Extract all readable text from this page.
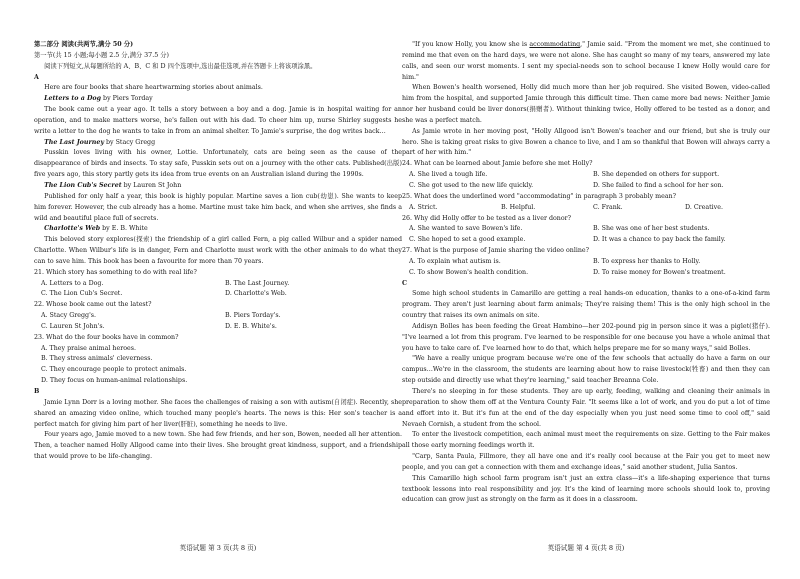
第二部分 阅读(共两节,满分 50 分)

第一节(共 15 小题;每小题 2.5 分,满分 37.5 分)

阅读下列短文,从每题所给的 A、B、C 和 D 四个选项中,选出最佳选项,并在答题卡上将该项涂黑。

A

Here are four books that share heartwarming stories about animals.

Letters to a Dog by Piers Torday

The book came out a year ago. It tells a story between a boy and a dog. Jamie is in hospital waiting for an operation, and to make matters worse, he's fallen out with his dad. To cheer him up, nurse Shirley suggests he write a letter to the dog he wants to take in from an animal shelter. To Jamie's surprise, the dog writes back…

The Last Journey by Stacy Gregg

Pusskin loves living with his owner, Lottie. Unfortunately, cats are being seen as the cause of the disappearance of birds and insects. To stay safe, Pusskin sets out on a journey with the other cats. Published(出版) five years ago, this story partly gets its idea from true events on an Australian island during the 1990s.

The Lion Cub's Secret by Lauren St John

Published for only half a year, this book is highly popular. Martine saves a lion cub(幼崽). She wants to keep him forever. However, the cub already has a home. Martine must take him back, and when she arrives, she finds a wild and beautiful place full of secrets.

Charlotte's Web by E. B. White

This beloved story explores(探索) the friendship of a girl called Fern, a pig called Wilbur and a spider named Charlotte. When Wilbur's life is in danger, Fern and Charlotte must work with the other animals to do what they can to save him. This book has been a favourite for more than 70 years.

21. Which story has something to do with real life?

A. Letters to a Dog.	B. The Last Journey.
C. The Lion Cub's Secret.	D. Charlotte's Web.

22. Whose book came out the latest?

A. Stacy Gregg's.	B. Piers Torday's.
C. Lauren St John's.	D. E. B. White's.

23. What do the four books have in common?

A. They praise animal heroes.

B. They stress animals' cleverness.

C. They encourage people to protect animals.

D. They focus on human-animal relationships.

B

Jamie Lynn Dorr is a loving mother. She faces the challenges of raising a son with autism(自闭症). Recently, she shared an amazing video online, which touched many people's hearts. The news is this: Her son's teacher is a perfect match for giving him part of her liver(肝脏), something he needs to live.

Four years ago, Jamie moved to a new town. She had few friends, and her son, Bowen, needed all her attention. Then, a teacher named Holly Allgood came into their lives. She brought great kindness, support, and a friendship that would prove to be life-changing.

"If you know Holly, you know she is accommodating," Jamie said. "From the moment we met, she continued to remind me that even on the hard days, we were not alone. She has caught so many of my tears, answered my late calls, and seen our worst moments. I sent my special-needs son to school because I knew Holly would care for him."

When Bowen's health worsened, Holly did much more than her job required. She visited Bowen, video-called him from the hospital, and supported Jamie through this difficult time. Then came more bad news: Neither Jamie nor her husband could be liver donors(捐赠者). Without thinking twice, Holly offered to be tested as a donor, and she was a perfect match.

As Jamie wrote in her moving post, "Holly Allgood isn't Bowen's teacher and our friend, but she is truly our hero. She is taking great risks to give Bowen a chance to live, and I am so thankful that Bowen will always carry a part of her with him."

24. What can be learned about Jamie before she met Holly?

A. She lived a tough life.	B. She depended on others for support.
C. She got used to the new life quickly.	D. She failed to find a school for her son.

25. What does the underlined word "accommodating" in paragraph 3 probably mean?

A. Strict.	B. Helpful.	C. Frank.	D. Creative.

26. Why did Holly offer to be tested as a liver donor?

A. She wanted to save Bowen's life.	B. She was one of her best students.
C. She hoped to set a good example.	D. It was a chance to pay back the family.

27. What is the purpose of Jamie sharing the video online?

A. To explain what autism is.	B. To express her thanks to Holly.
C. To show Bowen's health condition.	D. To raise money for Bowen's treatment.

C

Some high school students in Camarillo are getting a real hands-on education, thanks to a one-of-a-kind farm program. They aren't just learning about farm animals; They're raising them! This is the only high school in the country that raises its own animals on site.

Addisyn Bolles has been feeding the Great Hambino—her 202-pound pig in person since it was a piglet(猪仔). "I've learned a lot from this program. I've learned to be responsible for one because you have a whole animal that you have to take care of. I've learned how to do that, which helps prepare me for so many ways," said Bolles.

"We have a really unique program because we're one of the few schools that actually do have a farm on our campus…We're in the classroom, the students are learning about how to raise livestock(牲畜) and then they can step outside and directly use what they're learning," said teacher Breanna Cole.

There's no sleeping in for these students. They are up early, feeding, walking and cleaning their animals in preparation to show them off at the Ventura County Fair. "It seems like a lot of work, and you do put a lot of time and effort into it. But it's fun at the end of the day especially when you just need some time to cool off," said Nevaeh Cornish, a student from the school.

To enter the livestock competition, each animal must meet the requirements on size. Getting to the Fair makes all those early morning feedings worth it.

"Carp, Santa Paula, Fillmore, they all have one and it's really cool because at the Fair you get to meet new people, and you can get a connection with them and exchange ideas," said another student, Julia Santos.

This Camarillo high school farm program isn't just an extra class—it's a life-shaping experience that turns textbook lessons into real responsibility and joy. It's the kind of learning more schools should look to, proving education can grow just as strongly on the farm as it does in a classroom.

英语试题 第 3 页(共 8 页)	英语试题 第 4 页(共 8 页)
